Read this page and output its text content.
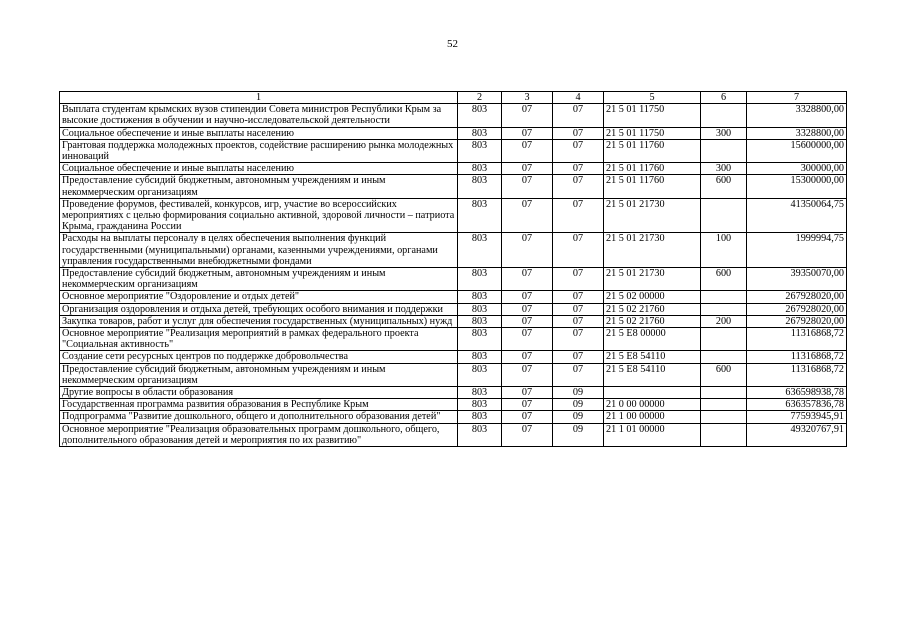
52
1	2	3	4	5	6	7
Выплата студентам крымских вузов стипендии Совета министров Республики Крым за высокие достижения в обучении и научно-исследовательской деятельности	803	07	07	21 5 01 11750		3328800,00
Социальное обеспечение и иные выплаты населению	803	07	07	21 5 01 11750	300	3328800,00
Грантовая поддержка молодежных проектов, содействие расширению рынка молодежных инноваций	803	07	07	21 5 01 11760		15600000,00
Социальное обеспечение и иные выплаты населению	803	07	07	21 5 01 11760	300	300000,00
Предоставление субсидий бюджетным, автономным учреждениям и иным некоммерческим организациям	803	07	07	21 5 01 11760	600	15300000,00
Проведение форумов, фестивалей, конкурсов, игр, участие во всероссийских мероприятиях с целью формирования социально активной, здоровой личности – патриота Крыма, гражданина России	803	07	07	21 5 01 21730		41350064,75
Расходы на выплаты персоналу в целях обеспечения выполнения функций государственными (муниципальными) органами, казенными учреждениями, органами управления государственными внебюджетными фондами	803	07	07	21 5 01 21730	100	1999994,75
Предоставление субсидий бюджетным, автономным учреждениям и иным некоммерческим организациям	803	07	07	21 5 01 21730	600	39350070,00
Основное мероприятие "Оздоровление и отдых детей"	803	07	07	21 5 02 00000		267928020,00
Организация оздоровления и отдыха детей, требующих особого внимания и поддержки	803	07	07	21 5 02 21760		267928020,00
Закупка товаров, работ и услуг для обеспечения государственных (муниципальных) нужд	803	07	07	21 5 02 21760	200	267928020,00
Основное мероприятие "Реализация мероприятий в рамках федерального проекта "Социальная активность"	803	07	07	21 5 E8 00000		11316868,72
Создание сети ресурсных центров по поддержке добровольчества	803	07	07	21 5 E8 54110		11316868,72
Предоставление субсидий бюджетным, автономным учреждениям и иным некоммерческим организациям	803	07	07	21 5 E8 54110	600	11316868,72
Другие вопросы в области образования	803	07	09			636598938,78
Государственная программа развития образования в Республике Крым	803	07	09	21 0 00 00000		636357836,78
Подпрограмма "Развитие дошкольного, общего и дополнительного образования детей"	803	07	09	21 1 00 00000		77593945,91
Основное мероприятие "Реализация образовательных программ дошкольного, общего, дополнительного образования детей и мероприятия по их развитию"	803	07	09	21 1 01 00000		49320767,91
